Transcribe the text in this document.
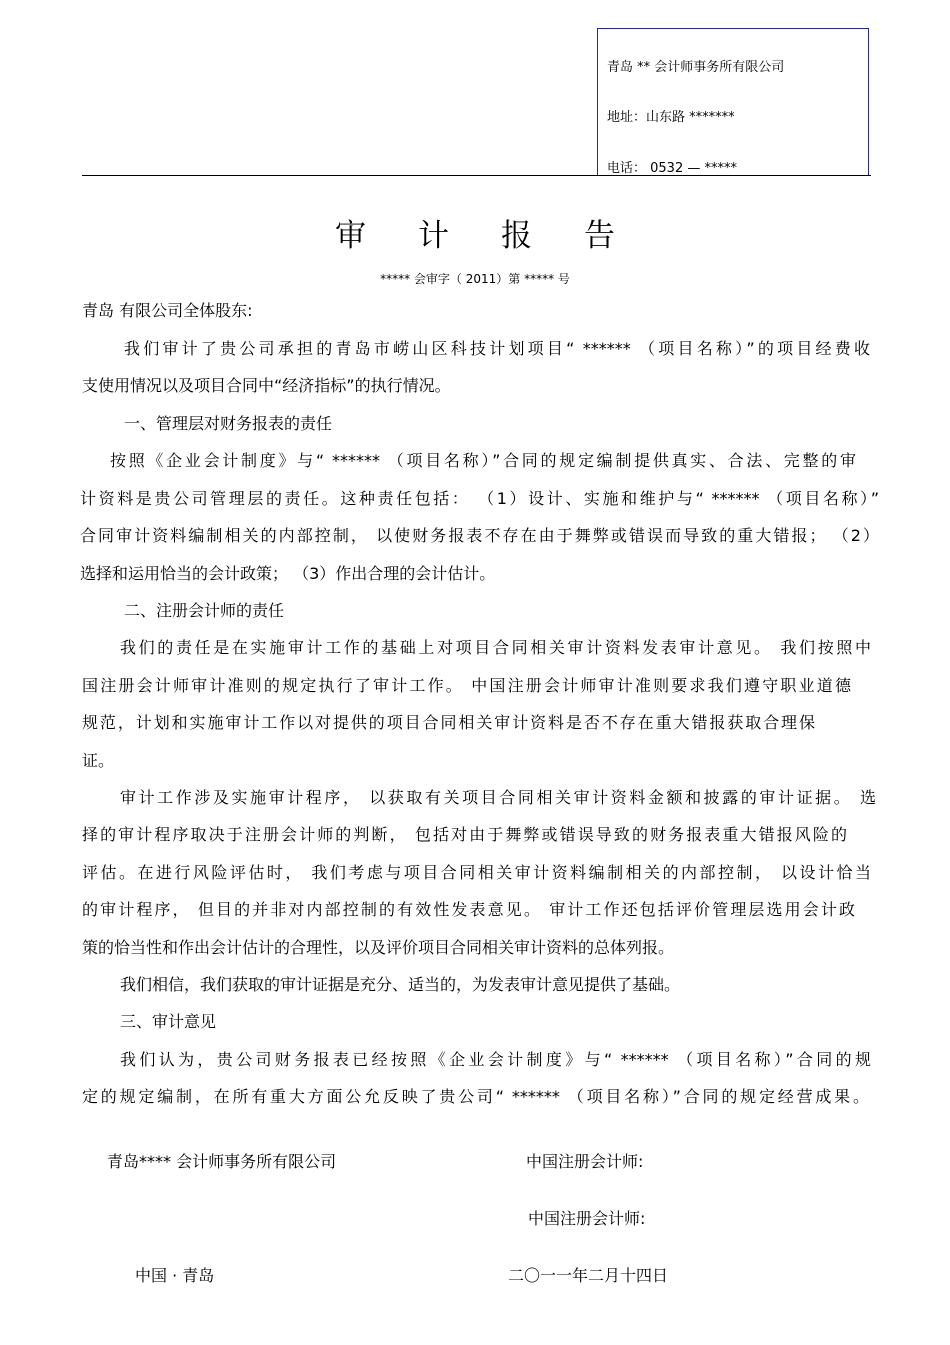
青岛 ** 会计师事务所有限公司
地址：山东路 *******
电话： 0532 — *****
审计报告
***** 会审字（ 2011）第 ***** 号
青岛 有限公司全体股东:
我们审计了贵公司承担的青岛市崂山区科技计划项目“ ****** （项目名称）”的项目经费收
支使用情况以及项目合同中“经济指标”的执行情况。
一、管理层对财务报表的责任
按照《企业会计制度》与“ ****** （项目名称）”合同的规定编制提供真实、合法、完整的审
计资料是贵公司管理层的责任。这种责任包括： （1）设计、实施和维护与“ ****** （项目名称）”
合同审计资料编制相关的内部控制， 以使财务报表不存在由于舞弊或错误而导致的重大错报； （2）
选择和运用恰当的会计政策； （3）作出合理的会计估计。
二、注册会计师的责任
我们的责任是在实施审计工作的基础上对项目合同相关审计资料发表审计意见。 我们按照中
国注册会计师审计准则的规定执行了审计工作。 中国注册会计师审计准则要求我们遵守职业道德
规范，计划和实施审计工作以对提供的项目合同相关审计资料是否不存在重大错报获取合理保
证。
审计工作涉及实施审计程序， 以获取有关项目合同相关审计资料金额和披露的审计证据。 选
择的审计程序取决于注册会计师的判断， 包括对由于舞弊或错误导致的财务报表重大错报风险的
评估。在进行风险评估时， 我们考虑与项目合同相关审计资料编制相关的内部控制， 以设计恰当
的审计程序， 但目的并非对内部控制的有效性发表意见。 审计工作还包括评价管理层选用会计政
策的恰当性和作出会计估计的合理性，以及评价项目合同相关审计资料的总体列报。
我们相信，我们获取的审计证据是充分、适当的，为发表审计意见提供了基础。
三、审计意见
我们认为，贵公司财务报表已经按照《企业会计制度》与“ ****** （项目名称）”合同的规
定的规定编制，在所有重大方面公允反映了贵公司“ ****** （项目名称）”合同的规定经营成果。
青岛**** 会计师事务所有限公司	中国注册会计师:
中国注册会计师:
中国 · 青岛	二〇一一年二月十四日
